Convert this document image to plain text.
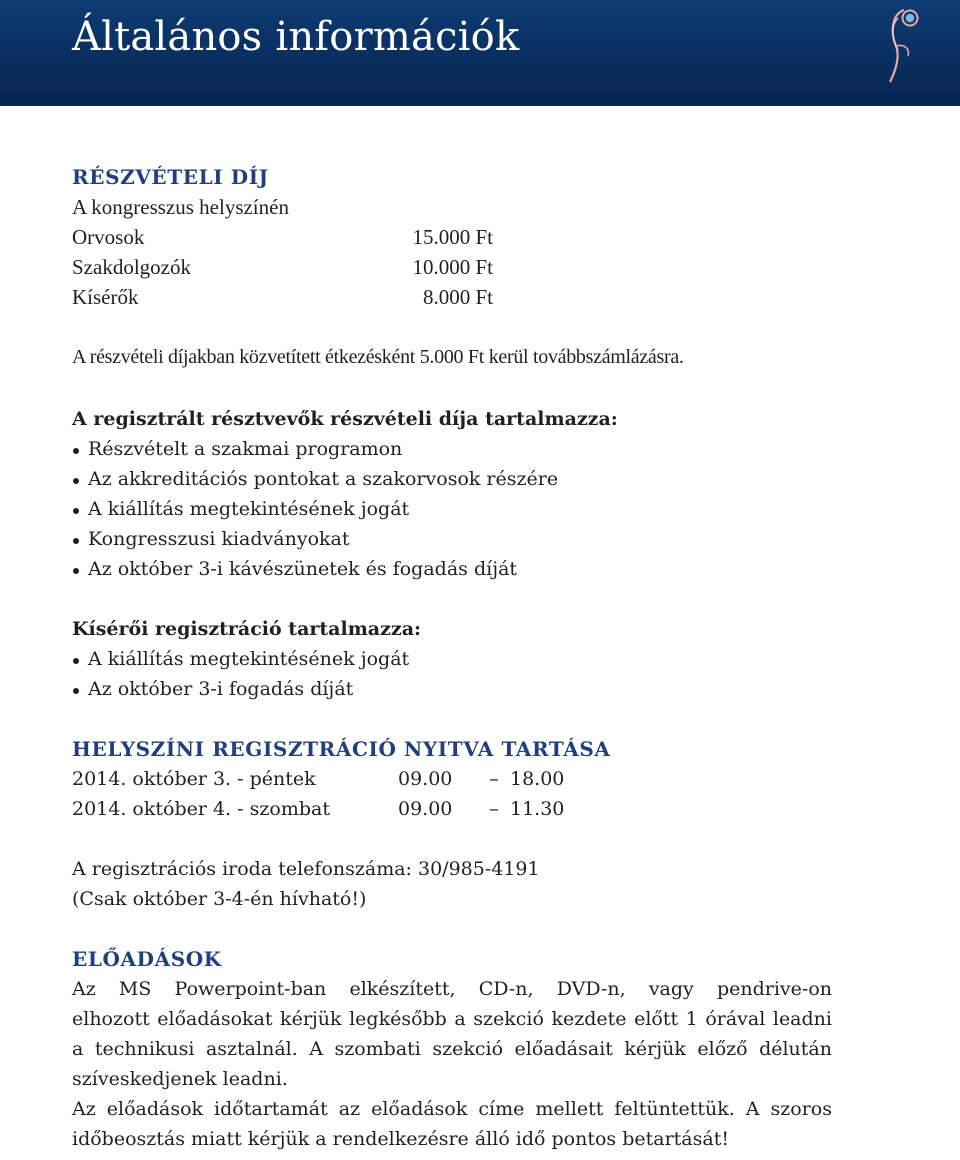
Általános információk
RÉSZVÉTELI DÍJ
A kongresszus helyszínén
Orvosok	15.000 Ft
Szakdolgozók	10.000 Ft
Kísérők	8.000 Ft
A részvételi díjakban közvetített étkezésként 5.000 Ft kerül továbbszámlázásra.
A regisztrált résztvevők részvételi díja tartalmazza:
Részvételt a szakmai programon
Az akkreditációs pontokat a szakorvosok részére
A kiállítás megtekintésének jogát
Kongresszusi kiadványokat
Az október 3-i kávészünetek és fogadás díját
Kísérői regisztráció tartalmazza:
A kiállítás megtekintésének jogát
Az október 3-i fogadás díját
HELYSZÍNI REGISZTRÁCIÓ NYITVA TARTÁSA
2014. október 3. - péntek	09.00	– 18.00
2014. október 4. - szombat	09.00	– 11.30
A regisztrációs iroda telefonszáma: 30/985-4191
(Csak október 3-4-én hívható!)
ELŐADÁSOK
Az MS Powerpoint-ban elkészített, CD-n, DVD-n, vagy pendrive-on
elhozott előadásokat kérjük legkésőbb a szekció kezdete előtt 1 órával leadni
a technikusi asztalnál. A szombati szekció előadásait kérjük előző délután
szíveskedjenek leadni.
Az előadások időtartamát az előadások címe mellett feltüntettük. A szoros
időbeosztás miatt kérjük a rendelkezésre álló idő pontos betartását!
